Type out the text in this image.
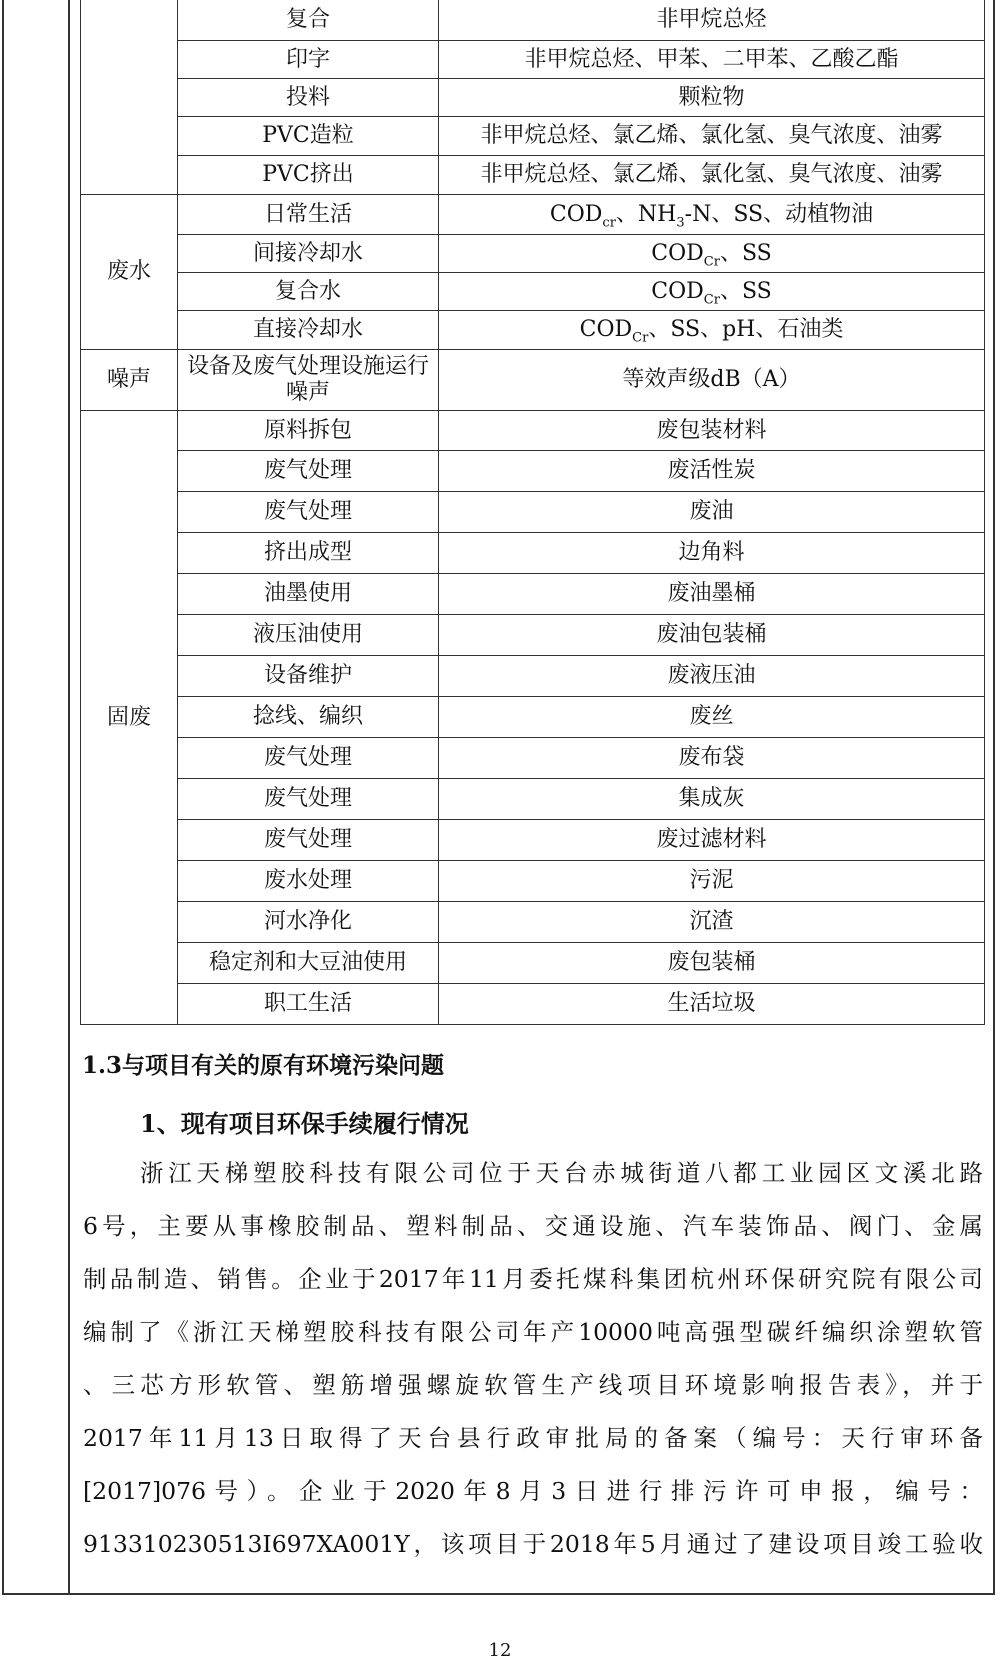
	复合	非甲烷总烃
	印字	非甲烷总烃、甲苯、二甲苯、乙酸乙酯
	投料	颗粒物
	PVC造粒	非甲烷总烃、氯乙烯、氯化氢、臭气浓度、油雾
	PVC挤出	非甲烷总烃、氯乙烯、氯化氢、臭气浓度、油雾
废水	日常生活	$COD_{cr}$、$NH_3-N$、SS、动植物油
	间接冷却水	$COD_{Cr}$、SS
	复合水	$COD_{Cr}$、SS
	直接冷却水	$COD_{Cr}$、SS、pH、石油类
噪声	设备及废气处理设施运行噪声	等效声级dB（A）
固废	原料拆包	废包装材料
	废气处理	废活性炭
	废气处理	废油
	挤出成型	边角料
	油墨使用	废油墨桶
	液压油使用	废油包装桶
	设备维护	废液压油
	捻线、编织	废丝
	废气处理	废布袋
	废气处理	集成灰
	废气处理	废过滤材料
	废水处理	污泥
	河水净化	沉渣
	稳定剂和大豆油使用	废包装桶
	职工生活	生活垃圾
1.3与项目有关的原有环境污染问题
1、现有项目环保手续履行情况

浙江天梯塑胶科技有限公司位于天台赤城街道八都工业园区文溪北路
6号，主要从事橡胶制品、塑料制品、交通设施、汽车装饰品、阀门、金属
制品制造、销售。企业于2017年11月委托煤科集团杭州环保研究院有限公司
编制了《浙江天梯塑胶科技有限公司年产10000吨高强型碳纤编织涂塑软管
、三芯方形软管、塑筋增强螺旋软管生产线项目环境影响报告表》，并于
2017年11月13日取得了天台县行政审批局的备案（编号：天行审环备
[2017]076号）。企业于2020年8月3日进行排污许可申报，编号：
913310230513I697XA001Y，该项目于2018年5月通过了建设项目竣工验收

12
